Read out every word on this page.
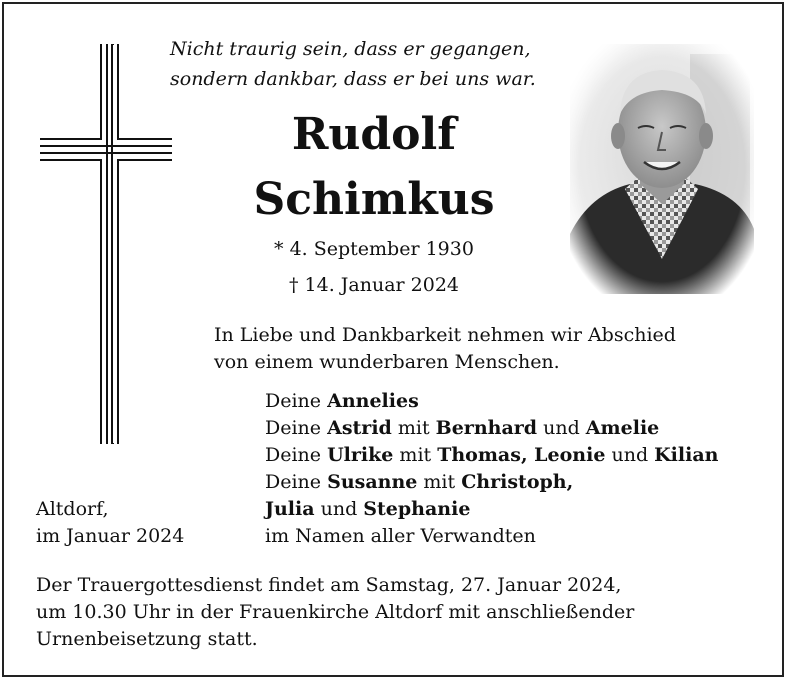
Nicht traurig sein, dass er gegangen,
sondern dankbar, dass er bei uns war.
Rudolf
Schimkus
* 4. September 1930
† 14. Januar 2024
In Liebe und Dankbarkeit nehmen wir Abschied
von einem wunderbaren Menschen.
Deine Annelies
Deine Astrid mit Bernhard und Amelie
Deine Ulrike mit Thomas, Leonie und Kilian
Deine Susanne mit Christoph,
Julia und Stephanie
im Namen aller Verwandten
Altdorf,
im Januar 2024
Der Trauergottesdienst findet am Samstag, 27. Januar 2024,
um 10.30 Uhr in der Frauenkirche Altdorf mit anschließender
Urnenbeisetzung statt.
